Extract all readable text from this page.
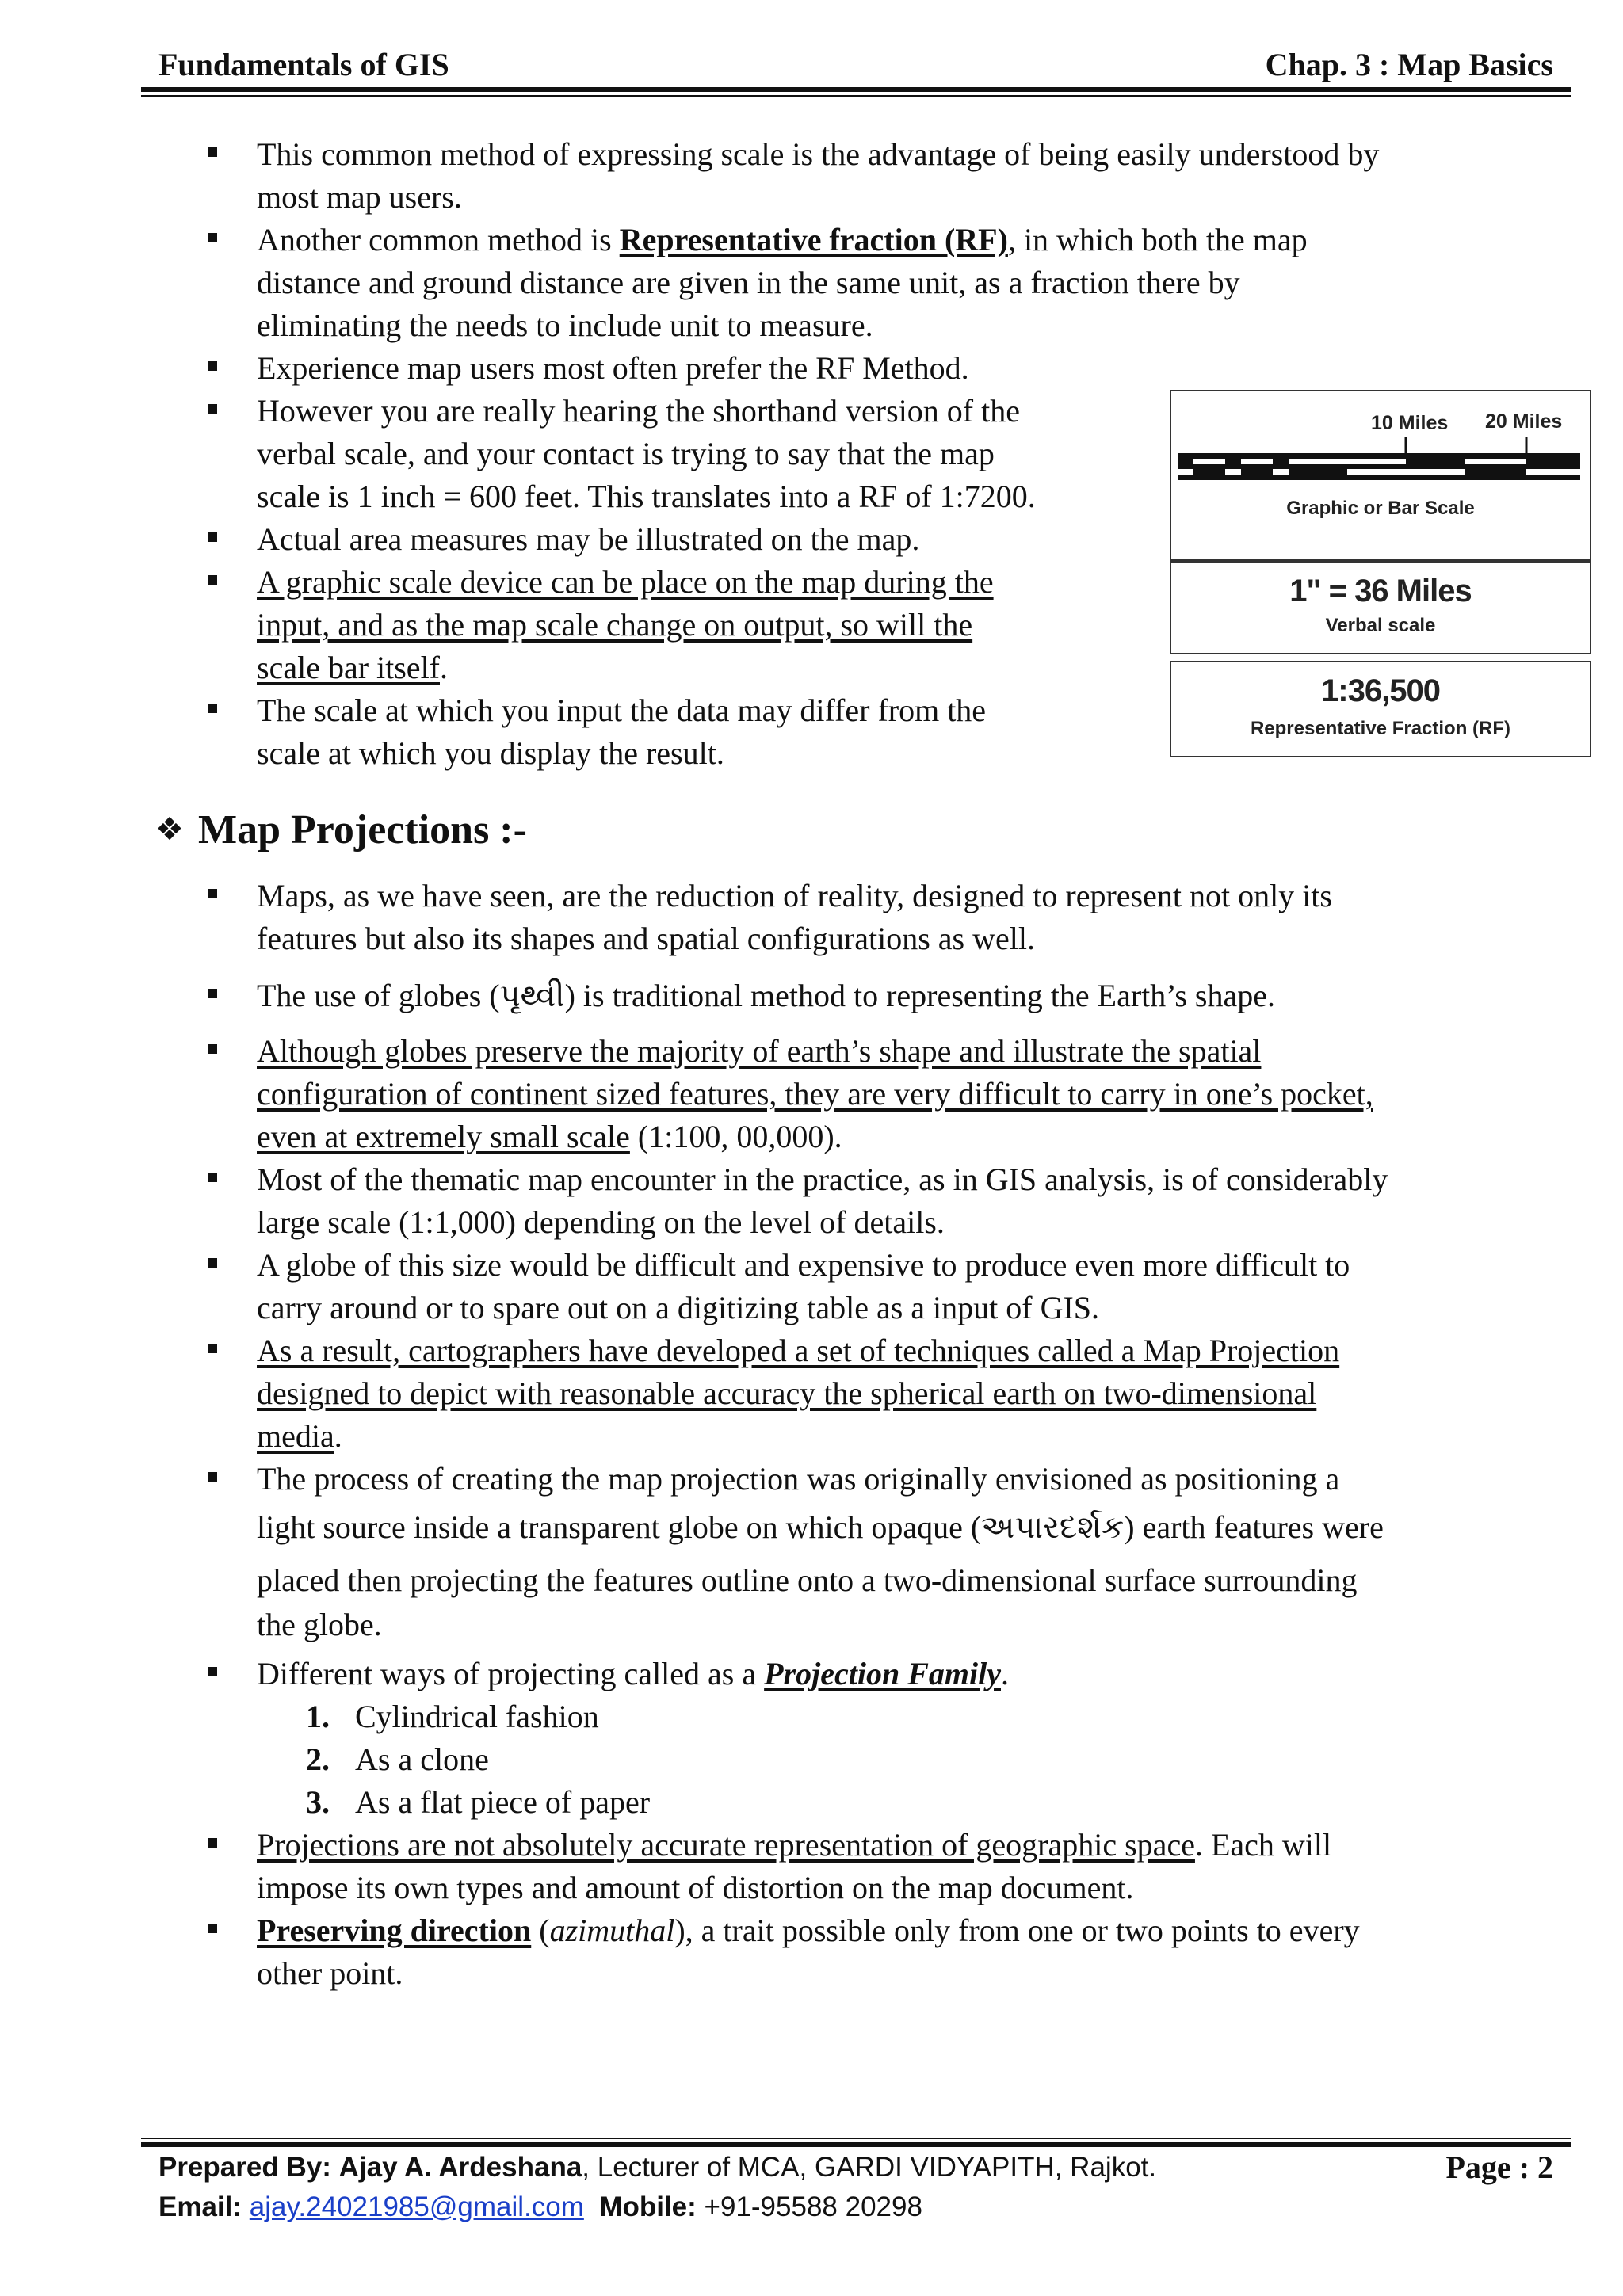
Fundamentals of GIS	Chap. 3 : Map Basics
This common method of expressing scale is the advantage of being easily understood by
most map users.
Another common method is Representative fraction (RF), in which both the map
distance and ground distance are given in the same unit, as a fraction there by
eliminating the needs to include unit to measure.
Experience map users most often prefer the RF Method.
However you are really hearing the shorthand version of the
verbal scale, and your contact is trying to say that the map
scale is 1 inch = 600 feet. This translates into a RF of 1:7200.
Actual area measures may be illustrated on the map.
A graphic scale device can be place on the map during the
input, and as the map scale change on output, so will the
scale bar itself.
The scale at which you input the data may differ from the
scale at which you display the result.
10 Miles 20 Miles
Graphic or Bar Scale
1" = 36 Miles
Verbal scale
1:36,500
Representative Fraction (RF)
❖ Map Projections :-
Maps, as we have seen, are the reduction of reality, designed to represent not only its
features but also its shapes and spatial configurations as well.
The use of globes (પૃથ્વી) is traditional method to representing the Earth’s shape.
Although globes preserve the majority of earth’s shape and illustrate the spatial
configuration of continent sized features, they are very difficult to carry in one’s pocket,
even at extremely small scale (1:100, 00,000).
Most of the thematic map encounter in the practice, as in GIS analysis, is of considerably
large scale (1:1,000) depending on the level of details.
A globe of this size would be difficult and expensive to produce even more difficult to
carry around or to spare out on a digitizing table as a input of GIS.
As a result, cartographers have developed a set of techniques called a Map Projection
designed to depict with reasonable accuracy the spherical earth on two-dimensional
media.
The process of creating the map projection was originally envisioned as positioning a
light source inside a transparent globe on which opaque (અપારદર્શક) earth features were
placed then projecting the features outline onto a two-dimensional surface surrounding
the globe.
Different ways of projecting called as a Projection Family.
1. Cylindrical fashion
2. As a clone
3. As a flat piece of paper
Projections are not absolutely accurate representation of geographic space. Each will
impose its own types and amount of distortion on the map document.
Preserving direction (azimuthal), a trait possible only from one or two points to every
other point.
Prepared By: Ajay A. Ardeshana, Lecturer of MCA, GARDI VIDYAPITH, Rajkot.	Page : 2
Email: ajay.24021985@gmail.com Mobile: +91-95588 20298
